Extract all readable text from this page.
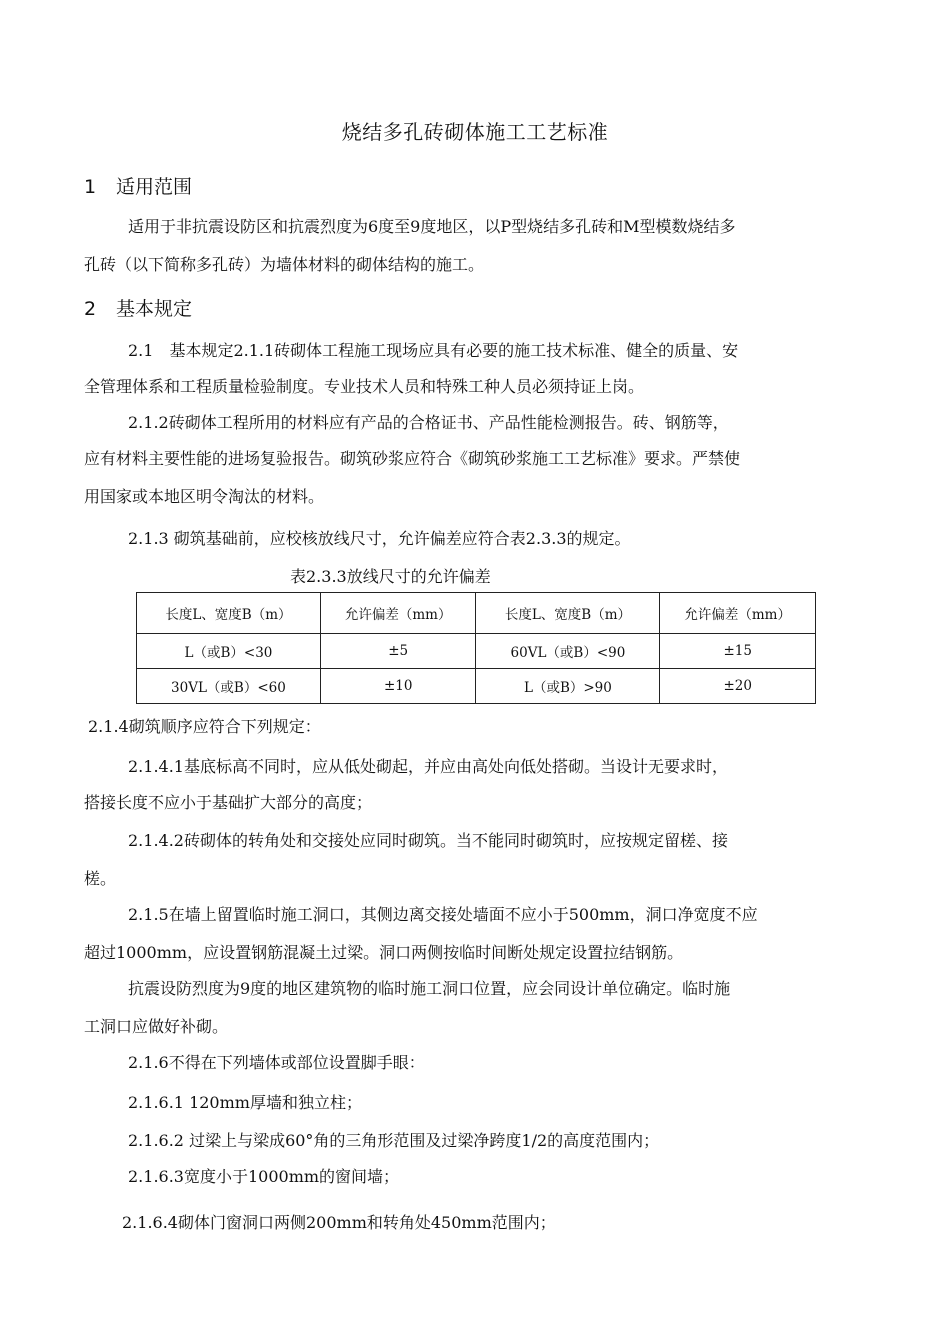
烧结多孔砖砌体施工工艺标准
1 适用范围
适用于非抗震设防区和抗震烈度为6度至9度地区，以P型烧结多孔砖和M型模数烧结多
孔砖（以下简称多孔砖）为墙体材料的砌体结构的施工。
2 基本规定
2.1　基本规定2.1.1砖砌体工程施工现场应具有必要的施工技术标准、健全的质量、安
全管理体系和工程质量检验制度。专业技术人员和特殊工种人员必须持证上岗。
2.1.2砖砌体工程所用的材料应有产品的合格证书、产品性能检测报告。砖、钢筋等，
应有材料主要性能的进场复验报告。砌筑砂浆应符合《砌筑砂浆施工工艺标准》要求。严禁使
用国家或本地区明令淘汰的材料。
2.1.3 砌筑基础前，应校核放线尺寸，允许偏差应符合表2.3.3的规定。
表2.3.3放线尺寸的允许偏差
长度L、宽度B（m）	允许偏差（mm）	长度L、宽度B（m）	允许偏差（mm）
L（或B）<30	±5	60VL（或B）<90	±15
30VL（或B）<60	±10	L（或B）>90	±20
2.1.4砌筑顺序应符合下列规定：
2.1.4.1基底标高不同时，应从低处砌起，并应由高处向低处搭砌。当设计无要求时，
搭接长度不应小于基础扩大部分的高度；
2.1.4.2砖砌体的转角处和交接处应同时砌筑。当不能同时砌筑时，应按规定留槎、接
槎。
2.1.5在墙上留置临时施工洞口，其侧边离交接处墙面不应小于500mm，洞口净宽度不应
超过1000mm，应设置钢筋混凝土过梁。洞口两侧按临时间断处规定设置拉结钢筋。
抗震设防烈度为9度的地区建筑物的临时施工洞口位置，应会同设计单位确定。临时施
工洞口应做好补砌。
2.1.6不得在下列墙体或部位设置脚手眼：
2.1.6.1 120mm厚墙和独立柱；
2.1.6.2 过梁上与梁成60°角的三角形范围及过梁净跨度1/2的高度范围内；
2.1.6.3宽度小于1000mm的窗间墙；
2.1.6.4砌体门窗洞口两侧200mm和转角处450mm范围内；
